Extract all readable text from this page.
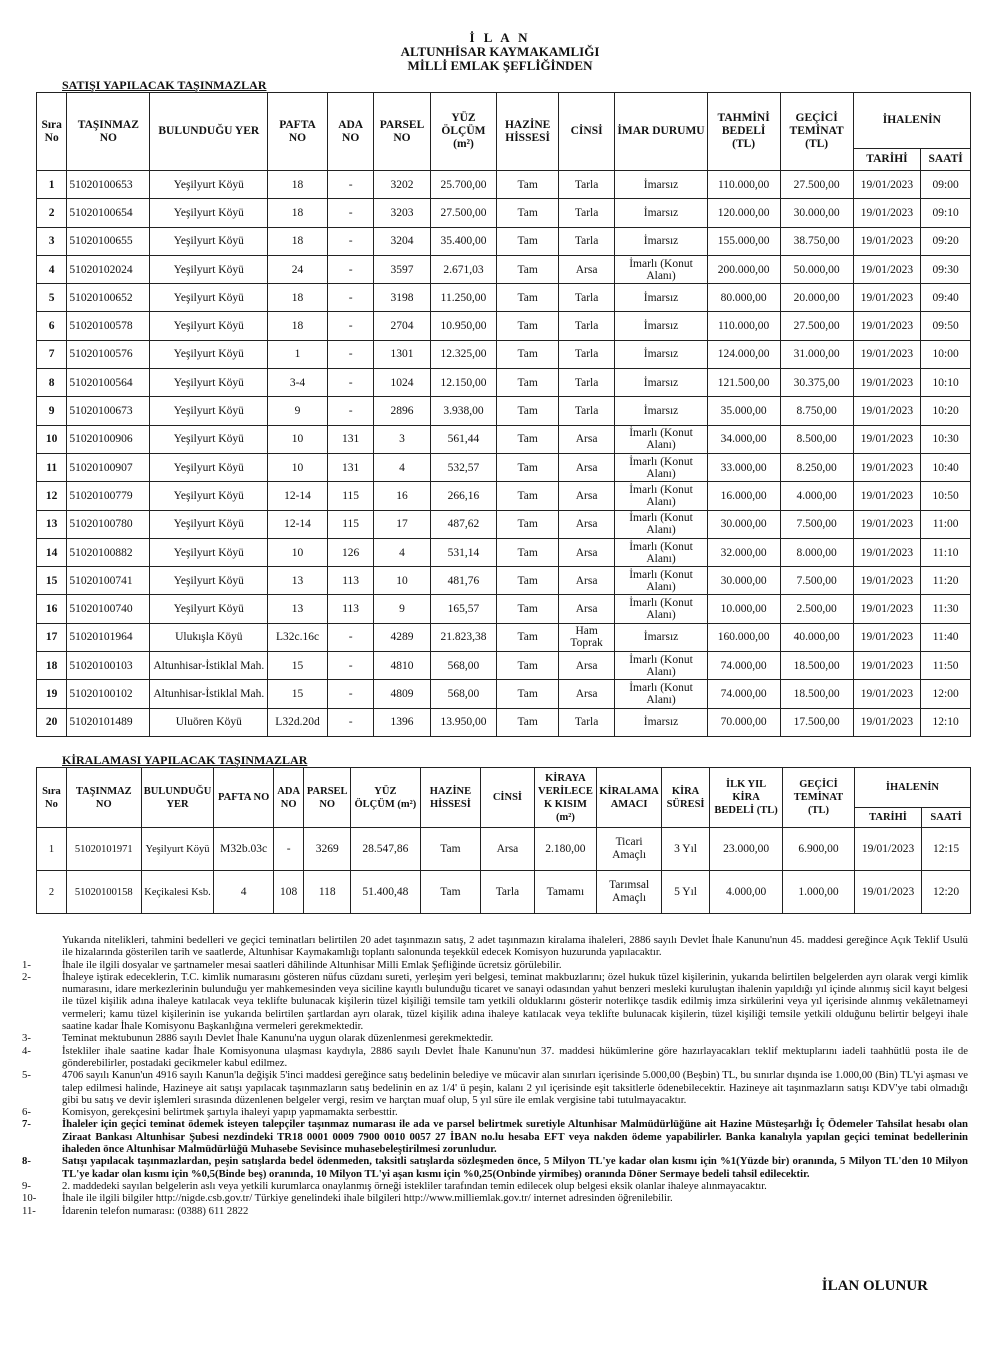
İ L A N
ALTUNHİSAR KAYMAKAMLIĞI
MİLLİ EMLAK ŞEFLİĞİNDEN
SATIŞI YAPILACAK TAŞINMAZLAR
Sıra No	TAŞINMAZ NO	BULUNDUĞU YER	PAFTA NO	ADA NO	PARSEL NO	YÜZ ÖLÇÜM (m²)	HAZİNE HİSSESİ	CİNSİ	İMAR DURUMU	TAHMİNİ BEDELİ (TL)	GEÇİCİ TEMİNAT (TL)	İHALENİN	
												TARİHİ	SAATİ
1	51020100653	Yeşilyurt Köyü	18	-	3202	25.700,00	Tam	Tarla	İmarsız	110.000,00	27.500,00	19/01/2023	09:00
2	51020100654	Yeşilyurt Köyü	18	-	3203	27.500,00	Tam	Tarla	İmarsız	120.000,00	30.000,00	19/01/2023	09:10
3	51020100655	Yeşilyurt Köyü	18	-	3204	35.400,00	Tam	Tarla	İmarsız	155.000,00	38.750,00	19/01/2023	09:20
4	51020102024	Yeşilyurt Köyü	24	-	3597	2.671,03	Tam	Arsa	İmarlı (Konut Alanı)	200.000,00	50.000,00	19/01/2023	09:30
5	51020100652	Yeşilyurt Köyü	18	-	3198	11.250,00	Tam	Tarla	İmarsız	80.000,00	20.000,00	19/01/2023	09:40
6	51020100578	Yeşilyurt Köyü	18	-	2704	10.950,00	Tam	Tarla	İmarsız	110.000,00	27.500,00	19/01/2023	09:50
7	51020100576	Yeşilyurt Köyü	1	-	1301	12.325,00	Tam	Tarla	İmarsız	124.000,00	31.000,00	19/01/2023	10:00
8	51020100564	Yeşilyurt Köyü	3-4	-	1024	12.150,00	Tam	Tarla	İmarsız	121.500,00	30.375,00	19/01/2023	10:10
9	51020100673	Yeşilyurt Köyü	9	-	2896	3.938,00	Tam	Tarla	İmarsız	35.000,00	8.750,00	19/01/2023	10:20
10	51020100906	Yeşilyurt Köyü	10	131	3	561,44	Tam	Arsa	İmarlı (Konut Alanı)	34.000,00	8.500,00	19/01/2023	10:30
11	51020100907	Yeşilyurt Köyü	10	131	4	532,57	Tam	Arsa	İmarlı (Konut Alanı)	33.000,00	8.250,00	19/01/2023	10:40
12	51020100779	Yeşilyurt Köyü	12-14	115	16	266,16	Tam	Arsa	İmarlı (Konut Alanı)	16.000,00	4.000,00	19/01/2023	10:50
13	51020100780	Yeşilyurt Köyü	12-14	115	17	487,62	Tam	Arsa	İmarlı (Konut Alanı)	30.000,00	7.500,00	19/01/2023	11:00
14	51020100882	Yeşilyurt Köyü	10	126	4	531,14	Tam	Arsa	İmarlı (Konut Alanı)	32.000,00	8.000,00	19/01/2023	11:10
15	51020100741	Yeşilyurt Köyü	13	113	10	481,76	Tam	Arsa	İmarlı (Konut Alanı)	30.000,00	7.500,00	19/01/2023	11:20
16	51020100740	Yeşilyurt Köyü	13	113	9	165,57	Tam	Arsa	İmarlı (Konut Alanı)	10.000,00	2.500,00	19/01/2023	11:30
17	51020101964	Ulukışla Köyü	L32c.16c	-	4289	21.823,38	Tam	Ham Toprak	İmarsız	160.000,00	40.000,00	19/01/2023	11:40
18	51020100103	Altunhisar-İstiklal Mah.	15	-	4810	568,00	Tam	Arsa	İmarlı (Konut Alanı)	74.000,00	18.500,00	19/01/2023	11:50
19	51020100102	Altunhisar-İstiklal Mah.	15	-	4809	568,00	Tam	Arsa	İmarlı (Konut Alanı)	74.000,00	18.500,00	19/01/2023	12:00
20	51020101489	Uluören Köyü	L32d.20d	-	1396	13.950,00	Tam	Tarla	İmarsız	70.000,00	17.500,00	19/01/2023	12:10
KİRALAMASI YAPILACAK TAŞINMAZLAR
Sıra No	TAŞINMAZ NO	BULUNDUĞU YER	PAFTA NO	ADA NO	PARSEL NO	YÜZ ÖLÇÜM (m²)	HAZİNE HİSSESİ	CİNSİ	KİRAYA VERİLECE K KISIM (m²)	KİRALAMA AMACI	KİRA SÜRESİ	İLK YIL KİRA BEDELİ (TL)	GEÇİCİ TEMİNAT (TL)	İHALENİN	
														TARİHİ	SAATİ
1	51020101971	Yeşilyurt Köyü	M32b.03c	-	3269	28.547,86	Tam	Arsa	2.180,00	Ticari Amaçlı	3 Yıl	23.000,00	6.900,00	19/01/2023	12:15
2	51020100158	Keçikalesi Ksb.	4	108	118	51.400,48	Tam	Tarla	Tamamı	Tarımsal Amaçlı	5 Yıl	4.000,00	1.000,00	19/01/2023	12:20

Yukarıda nitelikleri, tahmini bedelleri ve geçici teminatları belirtilen 20 adet taşınmazın satış, 2 adet taşınmazın kiralama ihaleleri, 2886 sayılı Devlet İhale Kanunu'nun 45. maddesi gereğince Açık Teklif Usulü ile hizalarında gösterilen tarih ve saatlerde, Altunhisar Kaymakamlığı toplantı salonunda teşekkül edecek Komisyon huzurunda yapılacaktır.

1-	İhale ile ilgili dosyalar ve şartnameler mesai saatleri dâhilinde Altunhisar Milli Emlak Şefliğinde ücretsiz görülebilir.

2-	İhaleye iştirak edeceklerin, T.C. kimlik numarasını gösteren nüfus cüzdanı sureti, yerleşim yeri belgesi, teminat makbuzlarını; özel hukuk tüzel kişilerinin, yukarıda belirtilen belgelerden ayrı olarak vergi kimlik numarasını, idare merkezlerinin bulunduğu yer mahkemesinden veya siciline kayıtlı bulunduğu ticaret ve sanayi odasından yahut benzeri mesleki kuruluştan ihalenin yapıldığı yıl içinde alınmış sicil kayıt belgesi ile tüzel kişilik adına ihaleye katılacak veya teklifte bulunacak kişilerin tüzel kişiliği temsile tam yetkili olduklarını gösterir noterlikçe tasdik edilmiş imza sirkülerini veya yıl içerisinde alınmış vekâletnameyi vermeleri; kamu tüzel kişilerinin ise yukarıda belirtilen şartlardan ayrı olarak, tüzel kişilik adına ihaleye katılacak veya teklifte bulunacak kişilerin, tüzel kişiliği temsile yetkili olduğunu belirtir belgeyi ihale saatine kadar İhale Komisyonu Başkanlığına vermeleri gerekmektedir.

3-	Teminat mektubunun 2886 sayılı Devlet İhale Kanunu'na uygun olarak düzenlenmesi gerekmektedir.

4-	İstekliler ihale saatine kadar İhale Komisyonuna ulaşması kaydıyla, 2886 sayılı Devlet İhale Kanunu'nun 37. maddesi hükümlerine göre hazırlayacakları teklif mektuplarını iadeli taahhütlü posta ile de gönderebilirler, postadaki gecikmeler kabul edilmez.

5-	4706 sayılı Kanun'un 4916 sayılı Kanun'la değişik 5'inci maddesi gereğince satış bedelinin belediye ve mücavir alan sınırları içerisinde 5.000,00 (Beşbin) TL, bu sınırlar dışında ise 1.000,00 (Bin) TL'yi aşması ve talep edilmesi halinde, Hazineye ait satışı yapılacak taşınmazların satış bedelinin en az 1/4' ü peşin, kalanı 2 yıl içerisinde eşit taksitlerle ödenebilecektir. Hazineye ait taşınmazların satışı KDV'ye tabi olmadığı gibi bu satış ve devir işlemleri sırasında düzenlenen belgeler vergi, resim ve harçtan muaf olup, 5 yıl süre ile emlak vergisine tabi tutulmayacaktır.

6-	Komisyon, gerekçesini belirtmek şartıyla ihaleyi yapıp yapmamakta serbesttir.

7-	İhaleler için geçici teminat ödemek isteyen talepçiler taşınmaz numarası ile ada ve parsel belirtmek suretiyle Altunhisar Malmüdürlüğüne ait Hazine Müsteşarlığı İç Ödemeler Tahsilat hesabı olan Ziraat Bankası Altunhisar Şubesi nezdindeki TR18 0001 0009 7900 0010 0057 27 İBAN no.lu hesaba EFT veya nakden ödeme yapabilirler. Banka kanalıyla yapılan geçici teminat bedellerinin ihaleden önce Altunhisar Malmüdürlüğü Muhasebe Sevisince muhasebeleştirilmesi zorunludur.

8-	Satışı yapılacak taşınmazlardan, peşin satışlarda bedel ödenmeden, taksitli satışlarda sözleşmeden önce, 5 Milyon TL'ye kadar olan kısmı için %1(Yüzde bir) oranında, 5 Milyon TL'den 10 Milyon TL'ye kadar olan kısmı için %0,5(Binde beş) oranında, 10 Milyon TL'yi aşan kısmı için %0,25(Onbinde yirmibeş) oranında Döner Sermaye bedeli tahsil edilecektir.

9-	2. maddedeki sayılan belgelerin aslı veya yetkili kurumlarca onaylanmış örneği istekliler tarafından temin edilecek olup belgesi eksik olanlar ihaleye alınmayacaktır.

10- İhale ile ilgili bilgiler http://nigde.csb.gov.tr/ Türkiye genelindeki ihale bilgileri http://www.milliemlak.gov.tr/ internet adresinden öğrenilebilir.

11- İdarenin telefon numarası: (0388) 611 2822

İLAN OLUNUR
